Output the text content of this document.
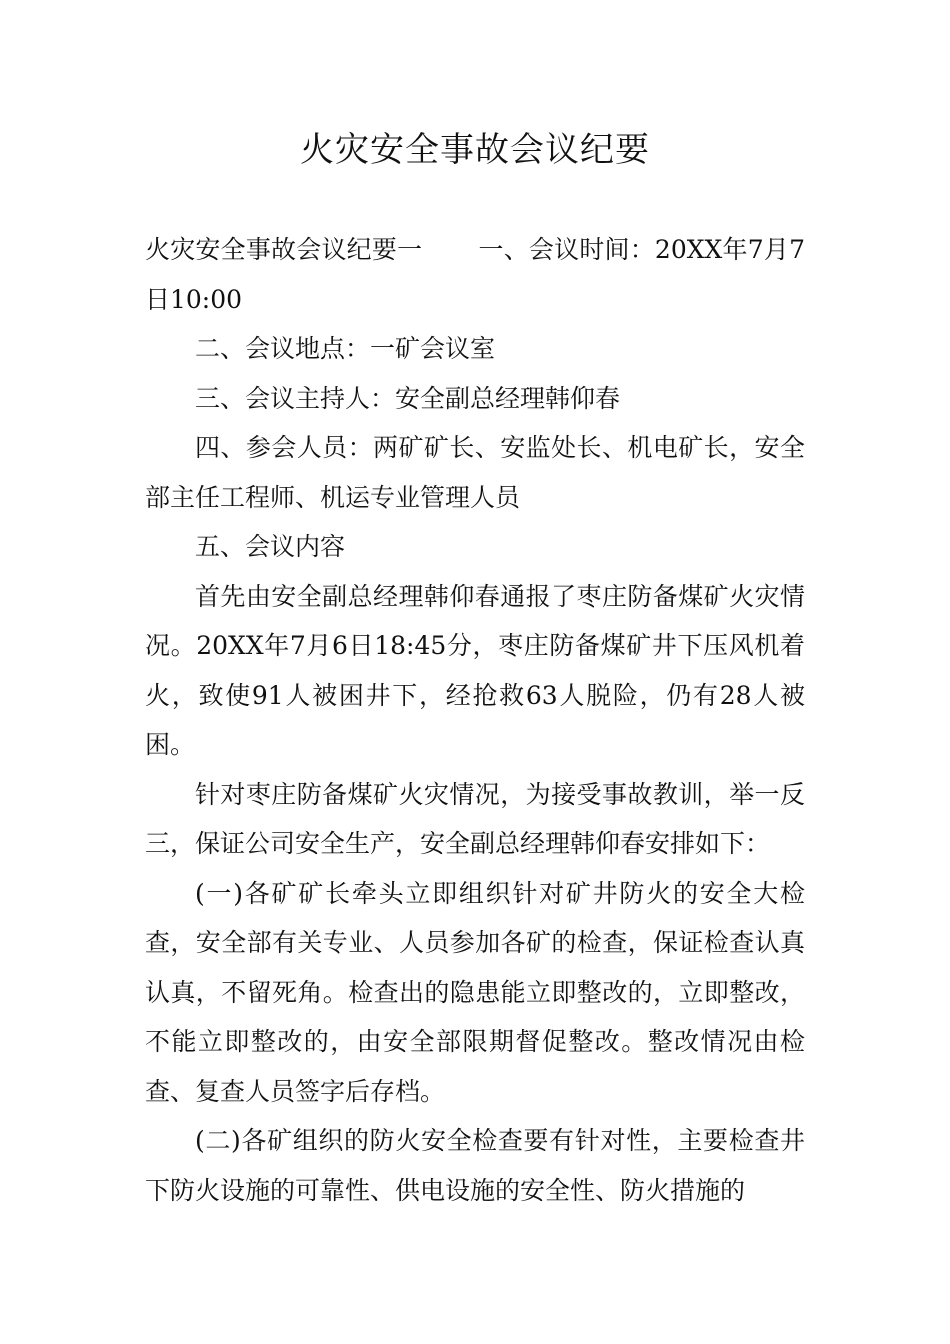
火灾安全事故会议纪要

火灾安全事故会议纪要一 一、会议时间：20XX年7月7日10:00

二、会议地点：一矿会议室

三、会议主持人：安全副总经理韩仰春

四、参会人员：两矿矿长、安监处长、机电矿长，安全部主任工程师、机运专业管理人员

五、会议内容

首先由安全副总经理韩仰春通报了枣庄防备煤矿火灾情况。20XX年7月6日18:45分，枣庄防备煤矿井下压风机着火，致使91人被困井下，经抢救63人脱险，仍有28人被困。

针对枣庄防备煤矿火灾情况，为接受事故教训，举一反三，保证公司安全生产，安全副总经理韩仰春安排如下：

(一)各矿矿长牵头立即组织针对矿井防火的安全大检查，安全部有关专业、人员参加各矿的检查，保证检查认真认真，不留死角。检查出的隐患能立即整改的，立即整改，不能立即整改的，由安全部限期督促整改。整改情况由检查、复查人员签字后存档。

(二)各矿组织的防火安全检查要有针对性，主要检查井下防火设施的可靠性、供电设施的安全性、防火措施的
